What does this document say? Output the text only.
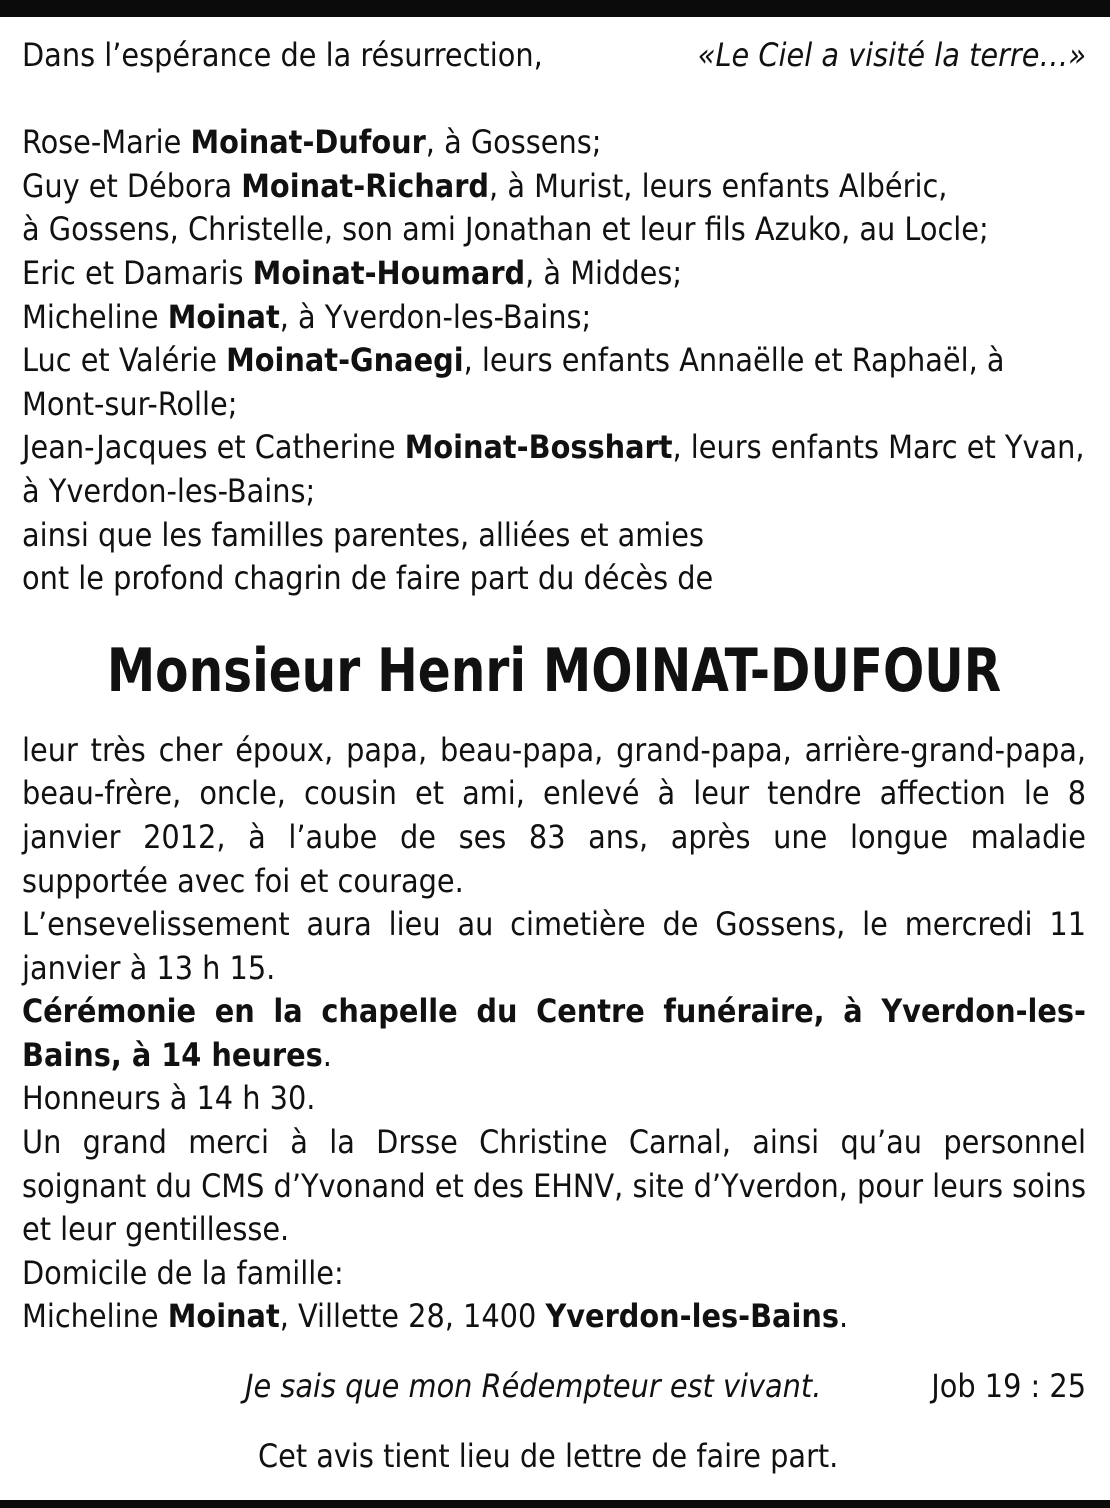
Dans l’espérance de la résurrection,	«Le Ciel a visité la terre…»
Rose-Marie Moinat-Dufour, à Gossens;
Guy et Débora Moinat-Richard, à Murist, leurs enfants Albéric,
à Gossens, Christelle, son ami Jonathan et leur fils Azuko, au Locle;
Eric et Damaris Moinat-Houmard, à Middes;
Micheline Moinat, à Yverdon-les-Bains;
Luc et Valérie Moinat-Gnaegi, leurs enfants Annaëlle et Raphaël, à
Mont-sur-Rolle;
Jean-Jacques et Catherine Moinat-Bosshart, leurs enfants Marc et Yvan,
à Yverdon-les-Bains;
ainsi que les familles parentes, alliées et amies
ont le profond chagrin de faire part du décès de
Monsieur Henri MOINAT-DUFOUR
leur très cher époux, papa, beau-papa, grand-papa, arrière-grand-papa, beau-frère, oncle, cousin et ami, enlevé à leur tendre affection le 8 janvier 2012, à l’aube de ses 83 ans, après une longue maladie supportée avec foi et courage.
L’ensevelissement aura lieu au cimetière de Gossens, le mercredi 11 janvier à 13 h 15.
Cérémonie en la chapelle du Centre funéraire, à Yverdon-les-Bains, à 14 heures.
Honneurs à 14 h 30.
Un grand merci à la Drsse Christine Carnal, ainsi qu’au personnel soignant du CMS d’Yvonand et des EHNV, site d’Yverdon, pour leurs soins et leur gentillesse.
Domicile de la famille:
Micheline Moinat, Villette 28, 1400 Yverdon-les-Bains.
Je sais que mon Rédempteur est vivant.	Job 19 : 25
Cet avis tient lieu de lettre de faire part.
